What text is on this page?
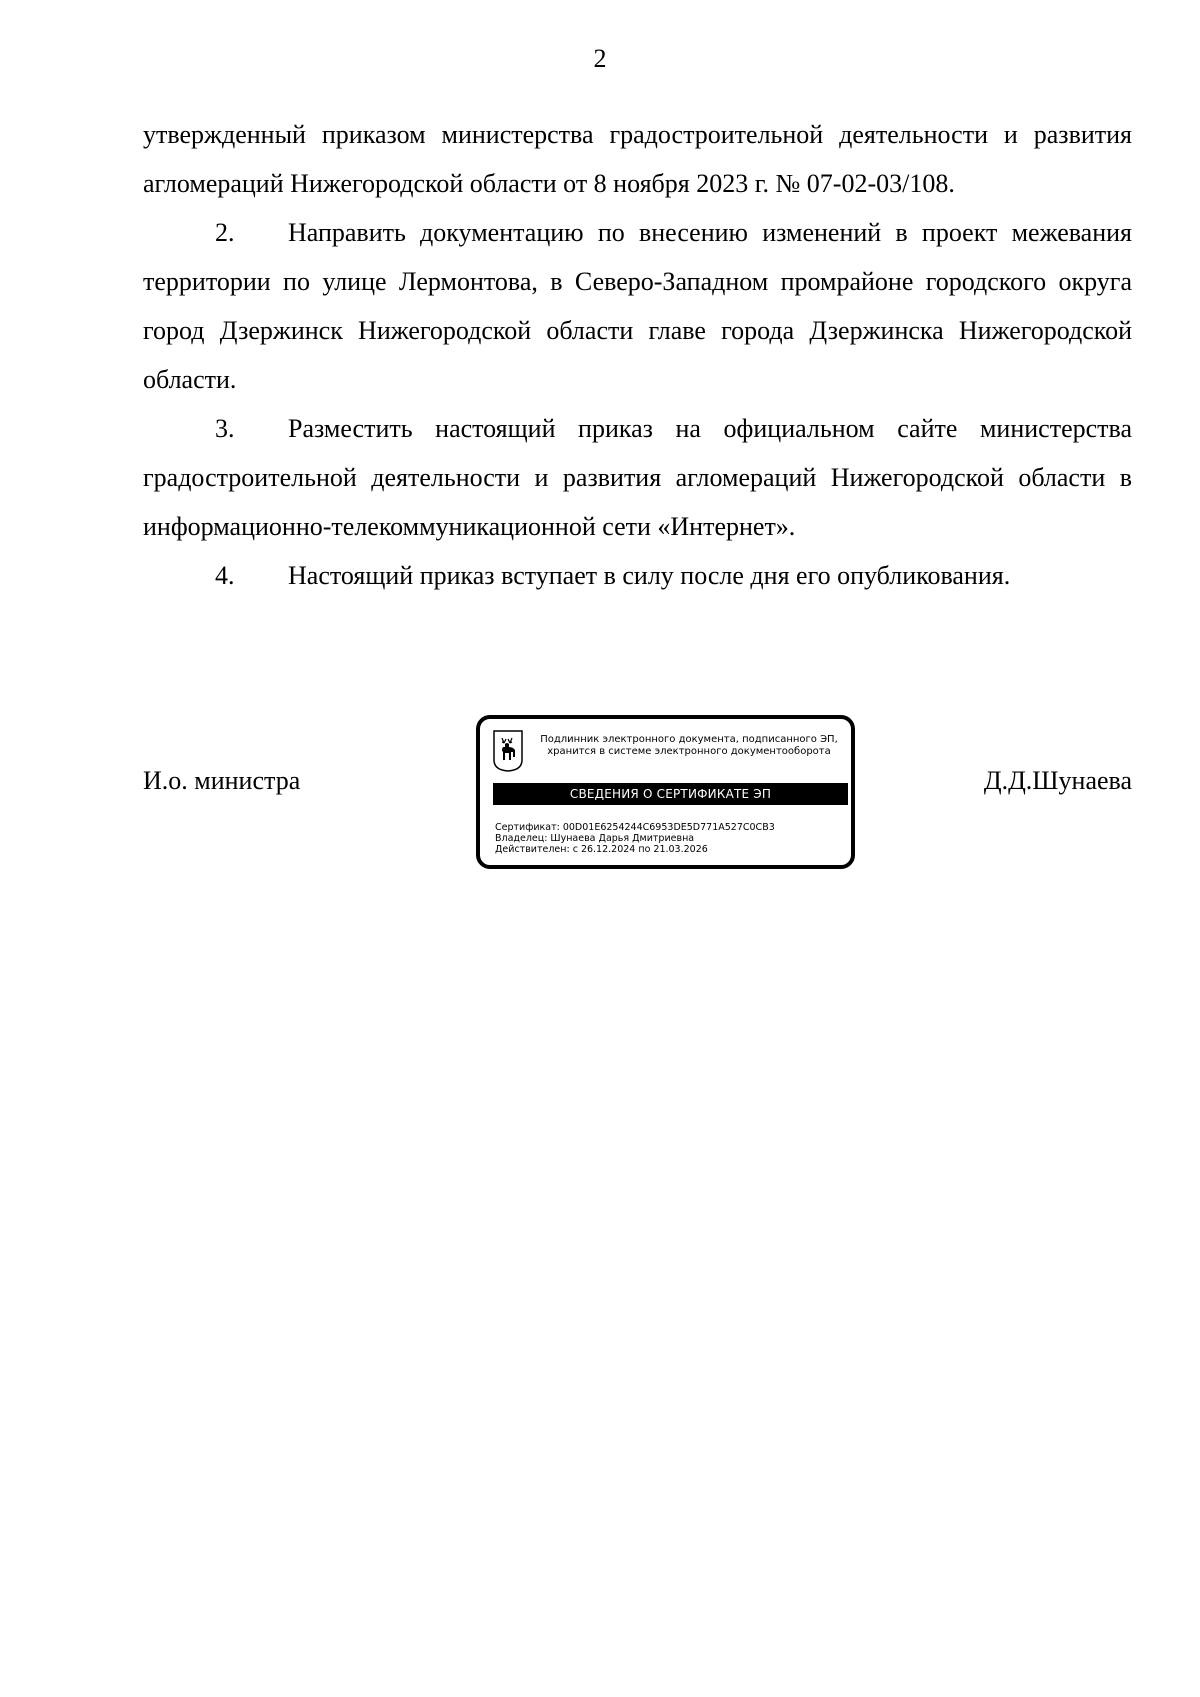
2

утвержденный приказом министерства градостроительной деятельности и развития агломераций Нижегородской области от 8 ноября 2023 г. № 07-02-03/108.

2. Направить документацию по внесению изменений в проект межевания территории по улице Лермонтова, в Северо-Западном промрайоне городского округа город Дзержинск Нижегородской области главе города Дзержинска Нижегородской области.

3. Разместить настоящий приказ на официальном сайте министерства градостроительной деятельности и развития агломераций Нижегородской области в информационно-телекоммуникационной сети «Интернет».

4. Настоящий приказ вступает в силу после дня его опубликования.

И.о. министра
Подлинник электронного документа, подписанного ЭП,
хранится в системе электронного документооборота
СВЕДЕНИЯ О СЕРТИФИКАТЕ ЭП
Сертификат: 00D01E6254244C6953DE5D771A527C0CB3
Владелец: Шунаева Дарья Дмитриевна
Действителен: с 26.12.2024 по 21.03.2026
Д.Д.Шунаева
